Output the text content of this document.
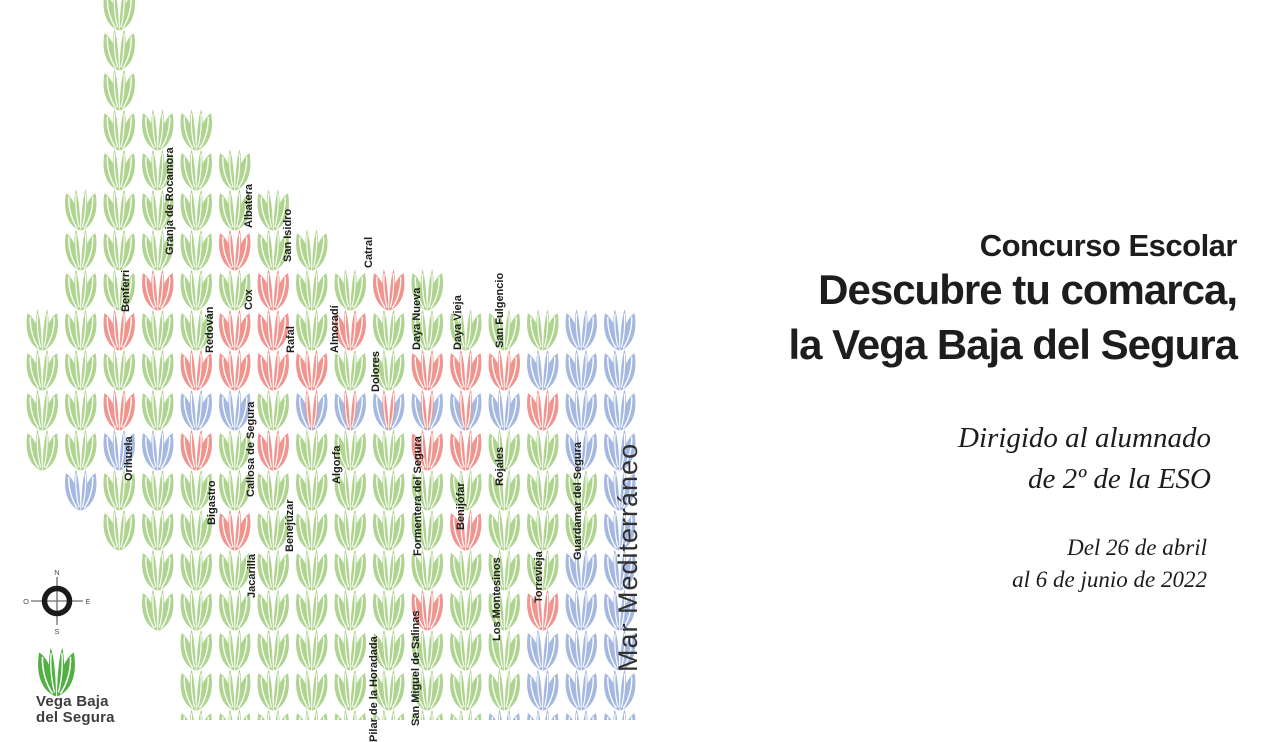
N
S
O	E
Granja de Rocamora	Albatera
San Isidro	Catral
Benferri	Cox
Redován	Rafal	Almoradí	Daya Nueva	Daya Vieja	San Fulgencio
Dolores
Orihuela	Callosa de Segura
Bigastro
Algorfa
Benejúzar	Formentera del Segura	Benijófar
Rojales	Guardamar del Segura
Jacarilla	Torrevieja
Los Montesinos
San Miguel de Salinas
Pilar de la Horadada
Mar Mediterráneo
Concurso Escolar
Descubre tu comarca,
la Vega Baja del Segura
Dirigido al alumnado
de 2º de la ESO
Del 26 de abril
al 6 de junio de 2022
Vega Baja
del Segura
